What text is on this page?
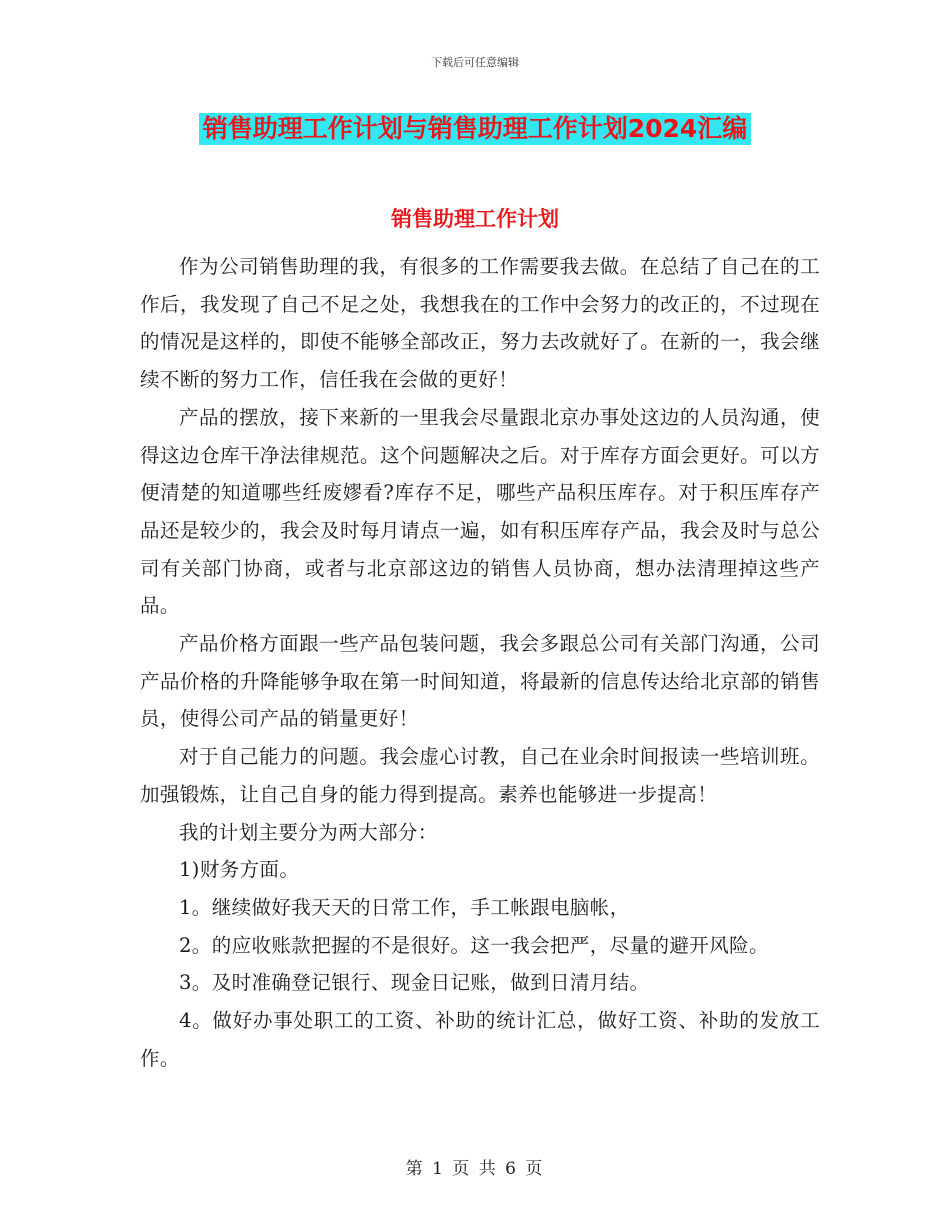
下载后可任意编辑
销售助理工作计划与销售助理工作计划2024汇编
销售助理工作计划

作为公司销售助理的我，有很多的工作需要我去做。在总结了自己在的工作后，我发现了自己不足之处，我想我在的工作中会努力的改正的，不过现在的情况是这样的，即使不能够全部改正，努力去改就好了。在新的一，我会继续不断的努力工作，信任我在会做的更好！

产品的摆放，接下来新的一里我会尽量跟北京办事处这边的人员沟通，使得这边仓库干净法律规范。这个问题解决之后。对于库存方面会更好。可以方便清楚的知道哪些纴废嫪看?库存不足，哪些产品积压库存。对于积压库存产品还是较少的，我会及时每月请点一遍，如有积压库存产品，我会及时与总公司有关部门协商，或者与北京部这边的销售人员协商，想办法清理掉这些产品。

产品价格方面跟一些产品包装问题，我会多跟总公司有关部门沟通，公司产品价格的升降能够争取在第一时间知道，将最新的信息传达给北京部的销售员，使得公司产品的销量更好！

对于自己能力的问题。我会虚心讨教，自己在业余时间报读一些培训班。加强锻炼，让自己自身的能力得到提高。素养也能够进一步提高！

我的计划主要分为两大部分：

1)财务方面。

1。继续做好我天天的日常工作，手工帐跟电脑帐，

2。的应收账款把握的不是很好。这一我会把严，尽量的避开风险。

3。及时准确登记银行、现金日记账，做到日清月结。

4。做好办事处职工的工资、补助的统计汇总，做好工资、补助的发放工作。

第 1 页 共 6 页
